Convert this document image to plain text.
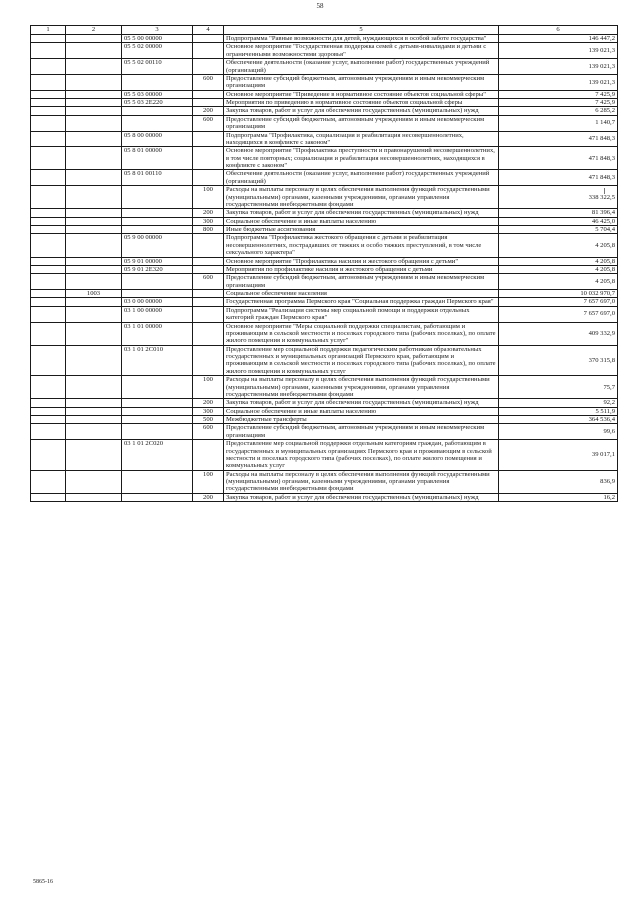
58
1	2	3	4	5	6
		05 5 00 00000		Подпрограмма "Равные возможности для детей, нуждающихся в особой заботе государства"	146 447,2
		05 5 02 00000		Основное мероприятие "Государственная поддержка семей с детьми-инвалидами и детьми с ограниченными возможностями здоровья"	139 021,3
		05 5 02 00110		Обеспечение деятельности (оказание услуг, выполнение работ) государственных учреждений (организаций)	139 021,3
			600	Предоставление субсидий бюджетным, автономным учреждениям и иным некоммерческим организациям	139 021,3
		05 5 03 00000		Основное мероприятие "Приведение в нормативное состояние объектов социальной сферы"	7 425,9
		05 5 03 2Е220		Мероприятия по приведению в нормативное состояние объектов социальной сферы	7 425,9
			200	Закупка товаров, работ и услуг для обеспечения государственных (муниципальных) нужд	6 285,2
			600	Предоставление субсидий бюджетным, автономным учреждениям и иным некоммерческим организациям	1 140,7
		05 8 00 00000		Подпрограмма "Профилактика, социализация и реабилитация несовершеннолетних, находящихся в конфликте с законом"	471 848,3
		05 8 01 00000		Основное мероприятие "Профилактика преступности и правонарушений несовершеннолетних, в том числе повторных; социализация и реабилитация несовершеннолетних, находящихся в конфликте с законом"	471 848,3
		05 8 01 00110		Обеспечение деятельности (оказание услуг, выполнение работ) государственных учреждений (организаций)	471 848,3
			100	Расходы на выплаты персоналу в целях обеспечения выполнения функций государственными (муниципальными) органами, казенными учреждениями, органами управления государственными внебюджетными фондами	338 322,5
			200	Закупка товаров, работ и услуг для обеспечения государственных (муниципальных) нужд	81 396,4
			300	Социальное обеспечение и иные выплаты населению	46 425,0
			800	Иные бюджетные ассигнования	5 704,4
		05 9 00 00000		Подпрограмма "Профилактика жестокого обращения с детьми и реабилитация несовершеннолетних, пострадавших от тяжких и особо тяжких преступлений, в том числе сексуального характера"	4 205,8
		05 9 01 00000		Основное мероприятие "Профилактика насилия и жестокого обращения с детьми"	4 205,8
		05 9 01 2Е320		Мероприятия по профилактике насилия и жестокого обращения с детьми	4 205,8
			600	Предоставление субсидий бюджетным, автономным учреждениям и иным некоммерческим организациям	4 205,8
	1003			Социальное обеспечение населения	10 032 970,7
		03 0 00 00000		Государственная программа Пермского края "Социальная поддержка граждан Пермского края"	7 657 697,0
		03 1 00 00000		Подпрограмма "Реализация системы мер социальной помощи и поддержки отдельных категорий граждан Пермского края"	7 657 697,0
		03 1 01 00000		Основное мероприятие "Меры социальной поддержки специалистам, работающим и проживающим в сельской местности и поселках городского типа (рабочих поселках), по оплате жилого помещения и коммунальных услуг"	409 332,9
		03 1 01 2С010		Предоставление мер социальной поддержки педагогическим работникам образовательных государственных и муниципальных организаций Пермского края, работающим и проживающим в сельской местности и поселках городского типа (рабочих поселках), по оплате жилого помещения и коммунальных услуг	370 315,8
			100	Расходы на выплаты персоналу в целях обеспечения выполнения функций государственными (муниципальными) органами, казенными учреждениями, органами управления государственными внебюджетными фондами	75,7
			200	Закупка товаров, работ и услуг для обеспечения государственных (муниципальных) нужд	92,2
			300	Социальное обеспечение и иные выплаты населению	5 511,9
			500	Межбюджетные трансферты	364 536,4
			600	Предоставление субсидий бюджетным, автономным учреждениям и иным некоммерческим организациям	99,6
		03 1 01 2С020		Предоставление мер социальной поддержки отдельным категориям граждан, работающим в государственных и муниципальных организациях Пермского края и проживающим в сельской местности и поселках городского типа (рабочих поселках), по оплате жилого помещения и коммунальных услуг	39 017,1
			100	Расходы на выплаты персоналу в целях обеспечения выполнения функций государственными (муниципальными) органами, казенными учреждениями, органами управления государственными внебюджетными фондами	836,9
			200	Закупка товаров, работ и услуг для обеспечения государственных (муниципальных) нужд	16,2
5865-16
